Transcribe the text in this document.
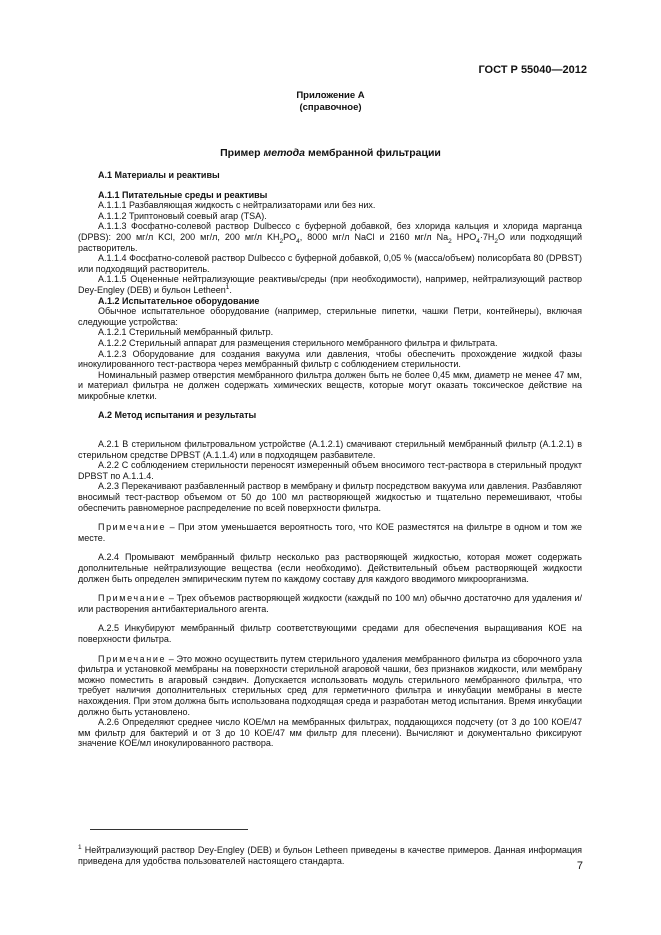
ГОСТ Р 55040—2012
Приложение А
(справочное)
Пример метода мембранной фильтрации

А.1 Материалы и реактивы

А.1.1 Питательные среды и реактивы

А.1.1.1 Разбавляющая жидкость с нейтрализаторами или без них.

А.1.1.2 Триптоновый соевый агар (TSA).

А.1.1.3 Фосфатно-солевой раствор Dulbecco с буферной добавкой, без хлорида кальция и хлорида марганца (DPBS): 200 мг/л KCl, 200 мг/л, 200 мг/л $KH_2PO_4$, 8000 мг/л NaCl и 2160 мг/л $Na_2$ $HPO_4\cdot 7H_2O$ или подходящий растворитель.

А.1.1.4 Фосфатно-солевой раствор Dulbecco с буферной добавкой, 0,05 % (масса/объем) полисорбата 80 (DPBST) или подходящий растворитель.

А.1.1.5 Оцененные нейтрализующие реактивы/среды (при необходимости), например, нейтрализующий раствор Dey-Engley (DEB) и бульон Letheen$^1$.

А.1.2 Испытательное оборудование

Обычное испытательное оборудование (например, стерильные пипетки, чашки Петри, контейнеры), включая следующие устройства:

А.1.2.1 Стерильный мембранный фильтр.

А.1.2.2 Стерильный аппарат для размещения стерильного мембранного фильтра и фильтрата.

А.1.2.3 Оборудование для создания вакуума или давления, чтобы обеспечить прохождение жидкой фазы инокулированного тест-раствора через мембранный фильтр с соблюдением стерильности.

Номинальный размер отверстия мембранного фильтра должен быть не более 0,45 мкм, диаметр не менее 47 мм, и материал фильтра не должен содержать химических веществ, которые могут оказать токсическое действие на микробные клетки.

А.2 Метод испытания и результаты

А.2.1 В стерильном фильтровальном устройстве (А.1.2.1) смачивают стерильный мембранный фильтр (А.1.2.1) в стерильном средстве DPBST (А.1.1.4) или в подходящем разбавителе.

А.2.2 С соблюдением стерильности переносят измеренный объем вносимого тест-раствора в стерильный продукт DPBST по А.1.1.4.

А.2.3 Перекачивают разбавленный раствор в мембрану и фильтр посредством вакуума или давления. Разбавляют вносимый тест-раствор объемом от 50 до 100 мл растворяющей жидкостью и тщательно перемешивают, чтобы обеспечить равномерное распределение по всей поверхности фильтра.

Примечание – При этом уменьшается вероятность того, что КОЕ разместятся на фильтре в одном и том же месте.

А.2.4 Промывают мембранный фильтр несколько раз растворяющей жидкостью, которая может содержать дополнительные нейтрализующие вещества (если необходимо). Действительный объем растворяющей жидкости должен быть определен эмпирическим путем по каждому составу для каждого вводимого микроорганизма.

Примечание – Трех объемов растворяющей жидкости (каждый по 100 мл) обычно достаточно для удаления и/или растворения антибактериального агента.

А.2.5 Инкубируют мембранный фильтр соответствующими средами для обеспечения выращивания КОЕ на поверхности фильтра.

Примечание – Это можно осуществить путем стерильного удаления мембранного фильтра из сборочного узла фильтра и установкой мембраны на поверхности стерильной агаровой чашки, без признаков жидкости, или мембрану можно поместить в агаровый сэндвич. Допускается использовать модуль стерильного мембранного фильтра, что требует наличия дополнительных стерильных сред для герметичного фильтра и инкубации мембраны в месте нахождения. При этом должна быть использована подходящая среда и разработан метод испытания. Время инкубации должно быть установлено.

А.2.6 Определяют среднее число КОЕ/мл на мембранных фильтрах, поддающихся подсчету (от 3 до 100 КОЕ/47 мм фильтр для бактерий и от 3 до 10 КОЕ/47 мм фильтр для плесени). Вычисляют и документально фиксируют значение КОЕ/мл инокулированного раствора.

$^1$ Нейтрализующий раствор Dey-Engley (DEB) и бульон Letheen приведены в качестве примеров. Данная информация приведена для удобства пользователей настоящего стандарта.	7
